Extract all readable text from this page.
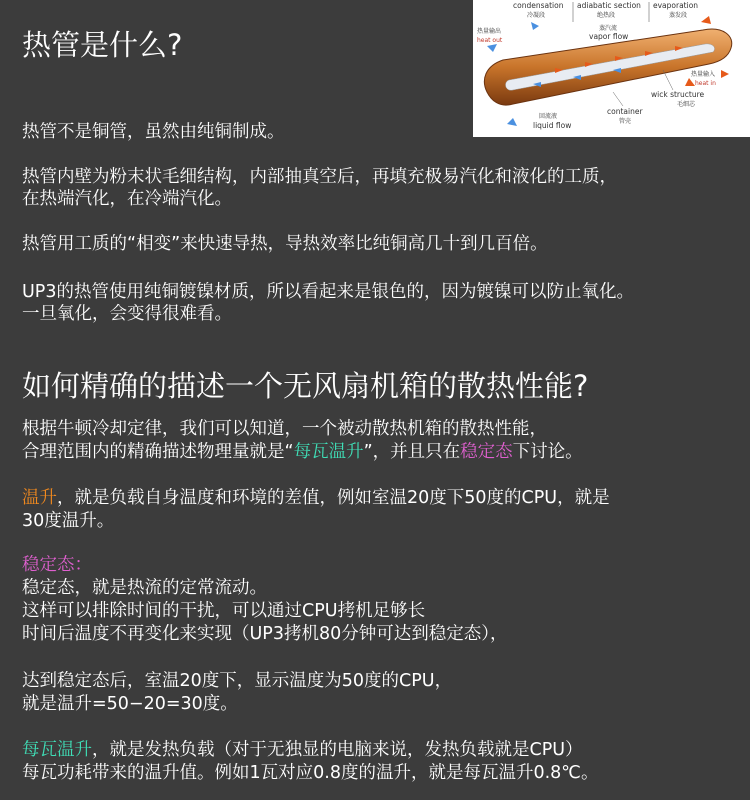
热管是什么?
热管不是铜管，虽然由纯铜制成。
热管内壁为粉末状毛细结构，内部抽真空后，再填充极易汽化和液化的工质，
在热端汽化，在冷端汽化。
热管用工质的“相变”来快速导热，导热效率比纯铜高几十到几百倍。
UP3的热管使用纯铜镀镍材质，所以看起来是银色的，因为镀镍可以防止氧化。
一旦氧化，会变得很难看。
condensation
冷凝段
adiabatic section
绝热段
evaporation
蒸发段
热量输出
heat out
蒸汽流
vapor flow
热量输入
heat in
wick structure
毛细芯
回流液
liquid flow
container
管壳
如何精确的描述一个无风扇机箱的散热性能?
根据牛顿冷却定律，我们可以知道，一个被动散热机箱的散热性能，
合理范围内的精确描述物理量就是“每瓦温升”，并且只在稳定态下讨论。
温升，就是负载自身温度和环境的差值，例如室温20度下50度的CPU，就是
30度温升。
稳定态：
稳定态，就是热流的定常流动。
这样可以排除时间的干扰，可以通过CPU拷机足够长
时间后温度不再变化来实现（UP3拷机80分钟可达到稳定态），
达到稳定态后，室温20度下，显示温度为50度的CPU，
就是温升=50−20=30度。
每瓦温升，就是发热负载（对于无独显的电脑来说，发热负载就是CPU）
每瓦功耗带来的温升值。例如1瓦对应0.8度的温升，就是每瓦温升0.8℃。
